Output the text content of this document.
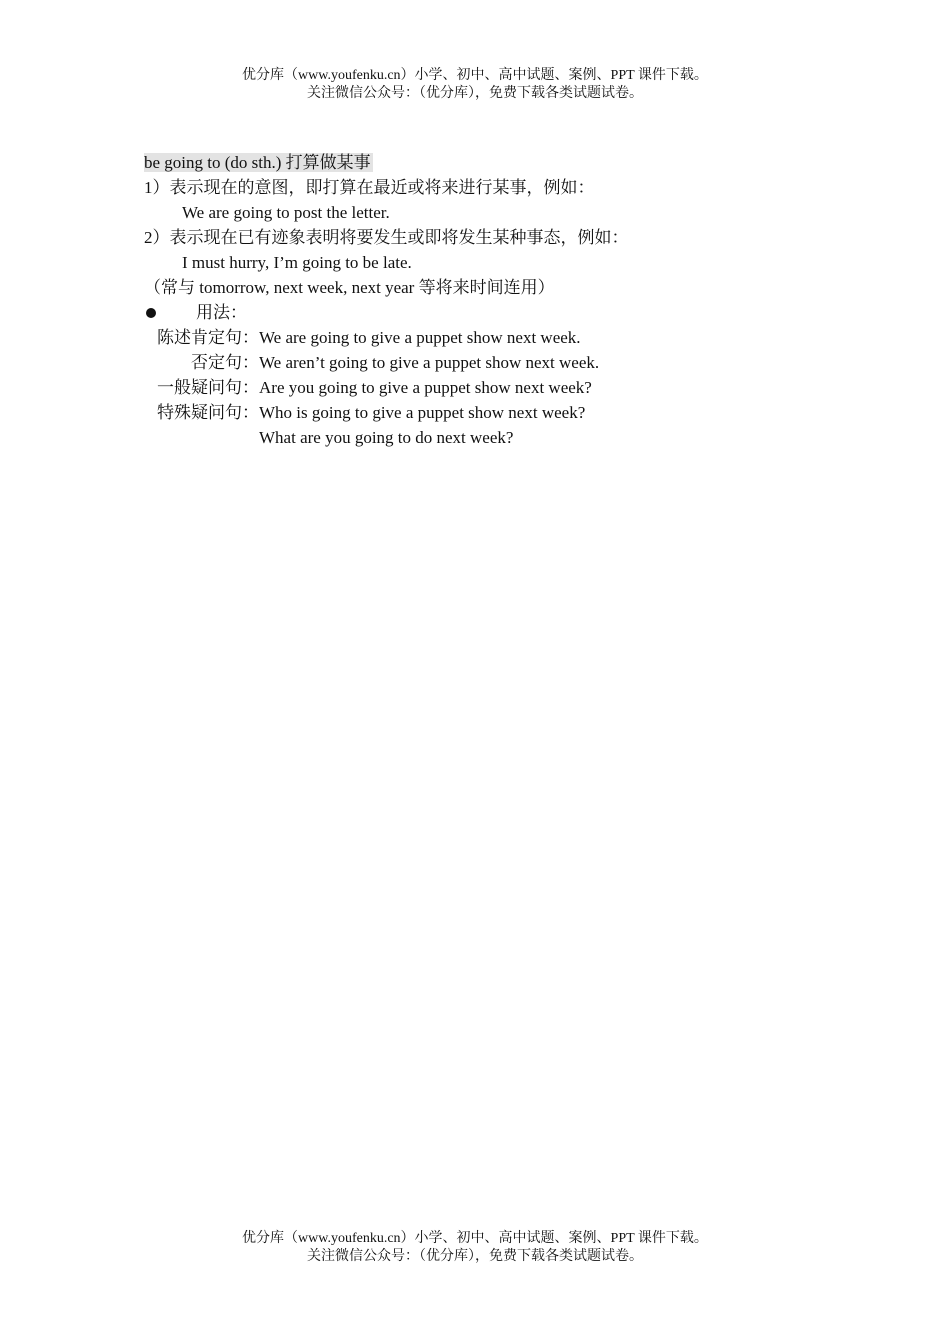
优分库（www.youfenku.cn）小学、初中、高中试题、案例、PPT 课件下载。
关注微信公众号：（优分库），免费下载各类试题试卷。
be going to (do sth.) 打算做某事
1）表示现在的意图，即打算在最近或将来进行某事，例如：
We are going to post the letter.
2）表示现在已有迹象表明将要发生或即将发生某种事态，例如：
I must hurry, I’m going to be late.
（常与 tomorrow, next week, next year 等将来时间连用）
用法：
陈述肯定句： We are going to give a puppet show next week.
否定句： We aren’t going to give a puppet show next week.
一般疑问句： Are you going to give a puppet show next week?
特殊疑问句： Who is going to give a puppet show next week?
What are you going to do next week?
优分库（www.youfenku.cn）小学、初中、高中试题、案例、PPT 课件下载。
关注微信公众号：（优分库），免费下载各类试题试卷。
